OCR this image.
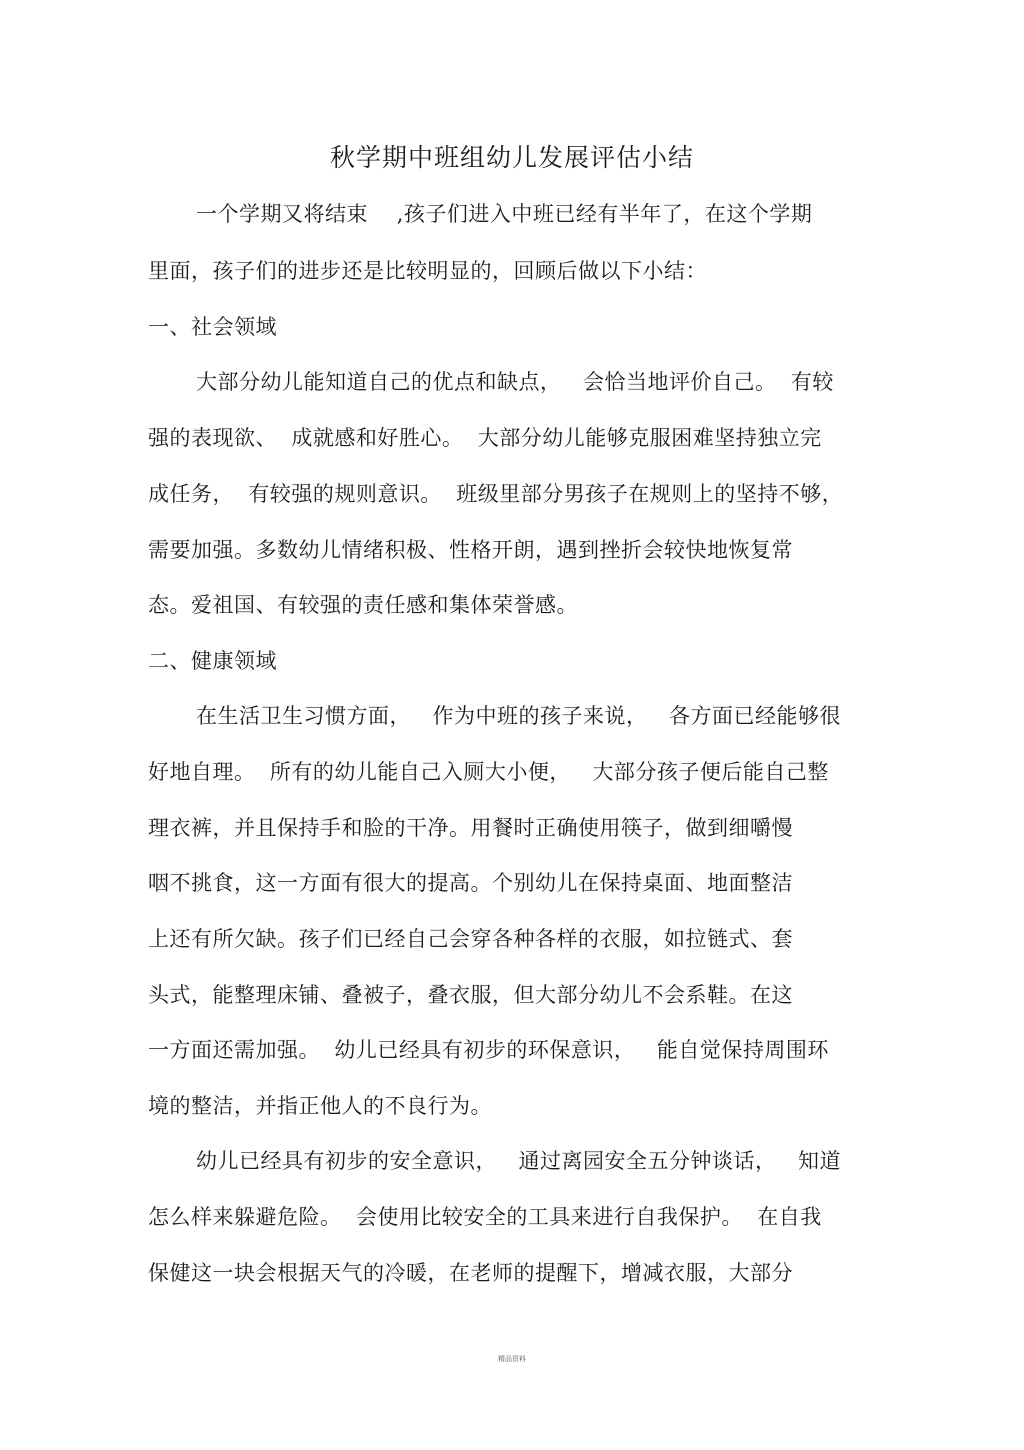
秋学期中班组幼儿发展评估小结
一个学期又将结束    ,孩子们进入中班已经有半年了，在这个学期
里面，孩子们的进步还是比较明显的，回顾后做以下小结：
一、社会领域
大部分幼儿能知道自己的优点和缺点，   会恰当地评价自己。  有较
强的表现欲、  成就感和好胜心。  大部分幼儿能够克服困难坚持独立完
成任务，  有较强的规则意识。  班级里部分男孩子在规则上的坚持不够，
需要加强。多数幼儿情绪积极、性格开朗，遇到挫折会较快地恢复常
态。爱祖国、有较强的责任感和集体荣誉感。
二、健康领域
在生活卫生习惯方面，   作为中班的孩子来说，   各方面已经能够很
好地自理。  所有的幼儿能自己入厕大小便，   大部分孩子便后能自己整
理衣裤，并且保持手和脸的干净。用餐时正确使用筷子，做到细嚼慢
咽不挑食，这一方面有很大的提高。个别幼儿在保持桌面、地面整洁
上还有所欠缺。孩子们已经自己会穿各种各样的衣服，如拉链式、套
头式，能整理床铺、叠被子，叠衣服，但大部分幼儿不会系鞋。在这
一方面还需加强。  幼儿已经具有初步的环保意识，   能自觉保持周围环
境的整洁，并指正他人的不良行为。
幼儿已经具有初步的安全意识，   通过离园安全五分钟谈话，   知道
怎么样来躲避危险。  会使用比较安全的工具来进行自我保护。  在自我
保健这一块会根据天气的冷暖，在老师的提醒下，增减衣服，大部分
精品资料
